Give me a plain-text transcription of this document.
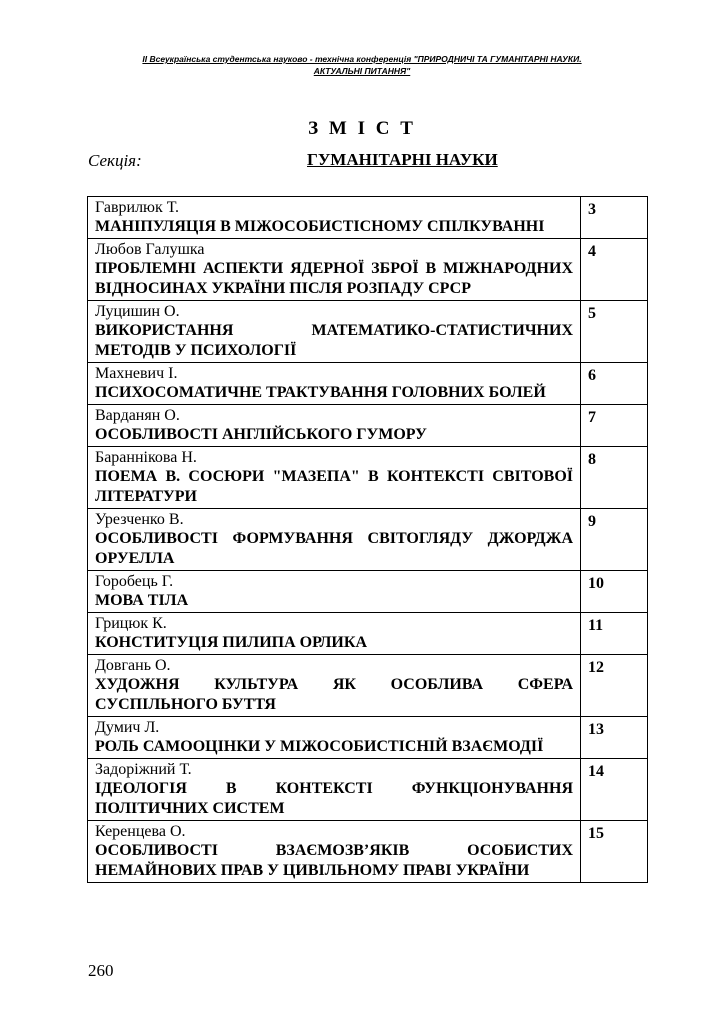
ІІ Всеукраїнська студентська науково - технічна конференція "ПРИРОДНИЧІ ТА ГУМАНІТАРНІ НАУКИ.
АКТУАЛЬНІ ПИТАННЯ"
З М І С Т
Секція:	ГУМАНІТАРНІ НАУКИ
Гаврилюк Т.
МАНІПУЛЯЦІЯ В МІЖОСОБИСТІСНОМУ СПІЛКУВАННІ	3

Любов Галушка
ПРОБЛЕМНІ АСПЕКТИ ЯДЕРНОЇ ЗБРОЇ В МІЖНАРОДНИХ ВІДНОСИНАХ УКРАЇНИ ПІСЛЯ РОЗПАДУ СРСР	4

Луцишин О.
ВИКОРИСТАННЯ МАТЕМАТИКО-СТАТИСТИЧНИХ МЕТОДІВ У ПСИХОЛОГІЇ	5

Махневич І.
ПСИХОСОМАТИЧНЕ ТРАКТУВАННЯ ГОЛОВНИХ БОЛЕЙ	6

Варданян О.
ОСОБЛИВОСТІ АНГЛІЙСЬКОГО ГУМОРУ	7

Бараннікова Н.
ПОЕМА В. СОСЮРИ "МАЗЕПА" В КОНТЕКСТІ СВІТОВОЇ ЛІТЕРАТУРИ	8

Урезченко В.
ОСОБЛИВОСТІ ФОРМУВАННЯ СВІТОГЛЯДУ ДЖОРДЖА ОРУЕЛЛА	9

Горобець Г.
МОВА ТІЛА	10

Грицюк К.
КОНСТИТУЦІЯ ПИЛИПА ОРЛИКА	11

Довгань О.
ХУДОЖНЯ КУЛЬТУРА ЯК ОСОБЛИВА СФЕРА СУСПІЛЬНОГО БУТТЯ	12

Думич Л.
РОЛЬ САМООЦІНКИ У МІЖОСОБИСТІСНІЙ ВЗАЄМОДІЇ	13

Задоріжний Т.
ІДЕОЛОГІЯ В КОНТЕКСТІ ФУНКЦІОНУВАННЯ ПОЛІТИЧНИХ СИСТЕМ	14

Керенцева О.
ОСОБЛИВОСТІ ВЗАЄМОЗВ’ЯКІВ ОСОБИСТИХ НЕМАЙНОВИХ ПРАВ У ЦИВІЛЬНОМУ ПРАВІ УКРАЇНИ	15
260
